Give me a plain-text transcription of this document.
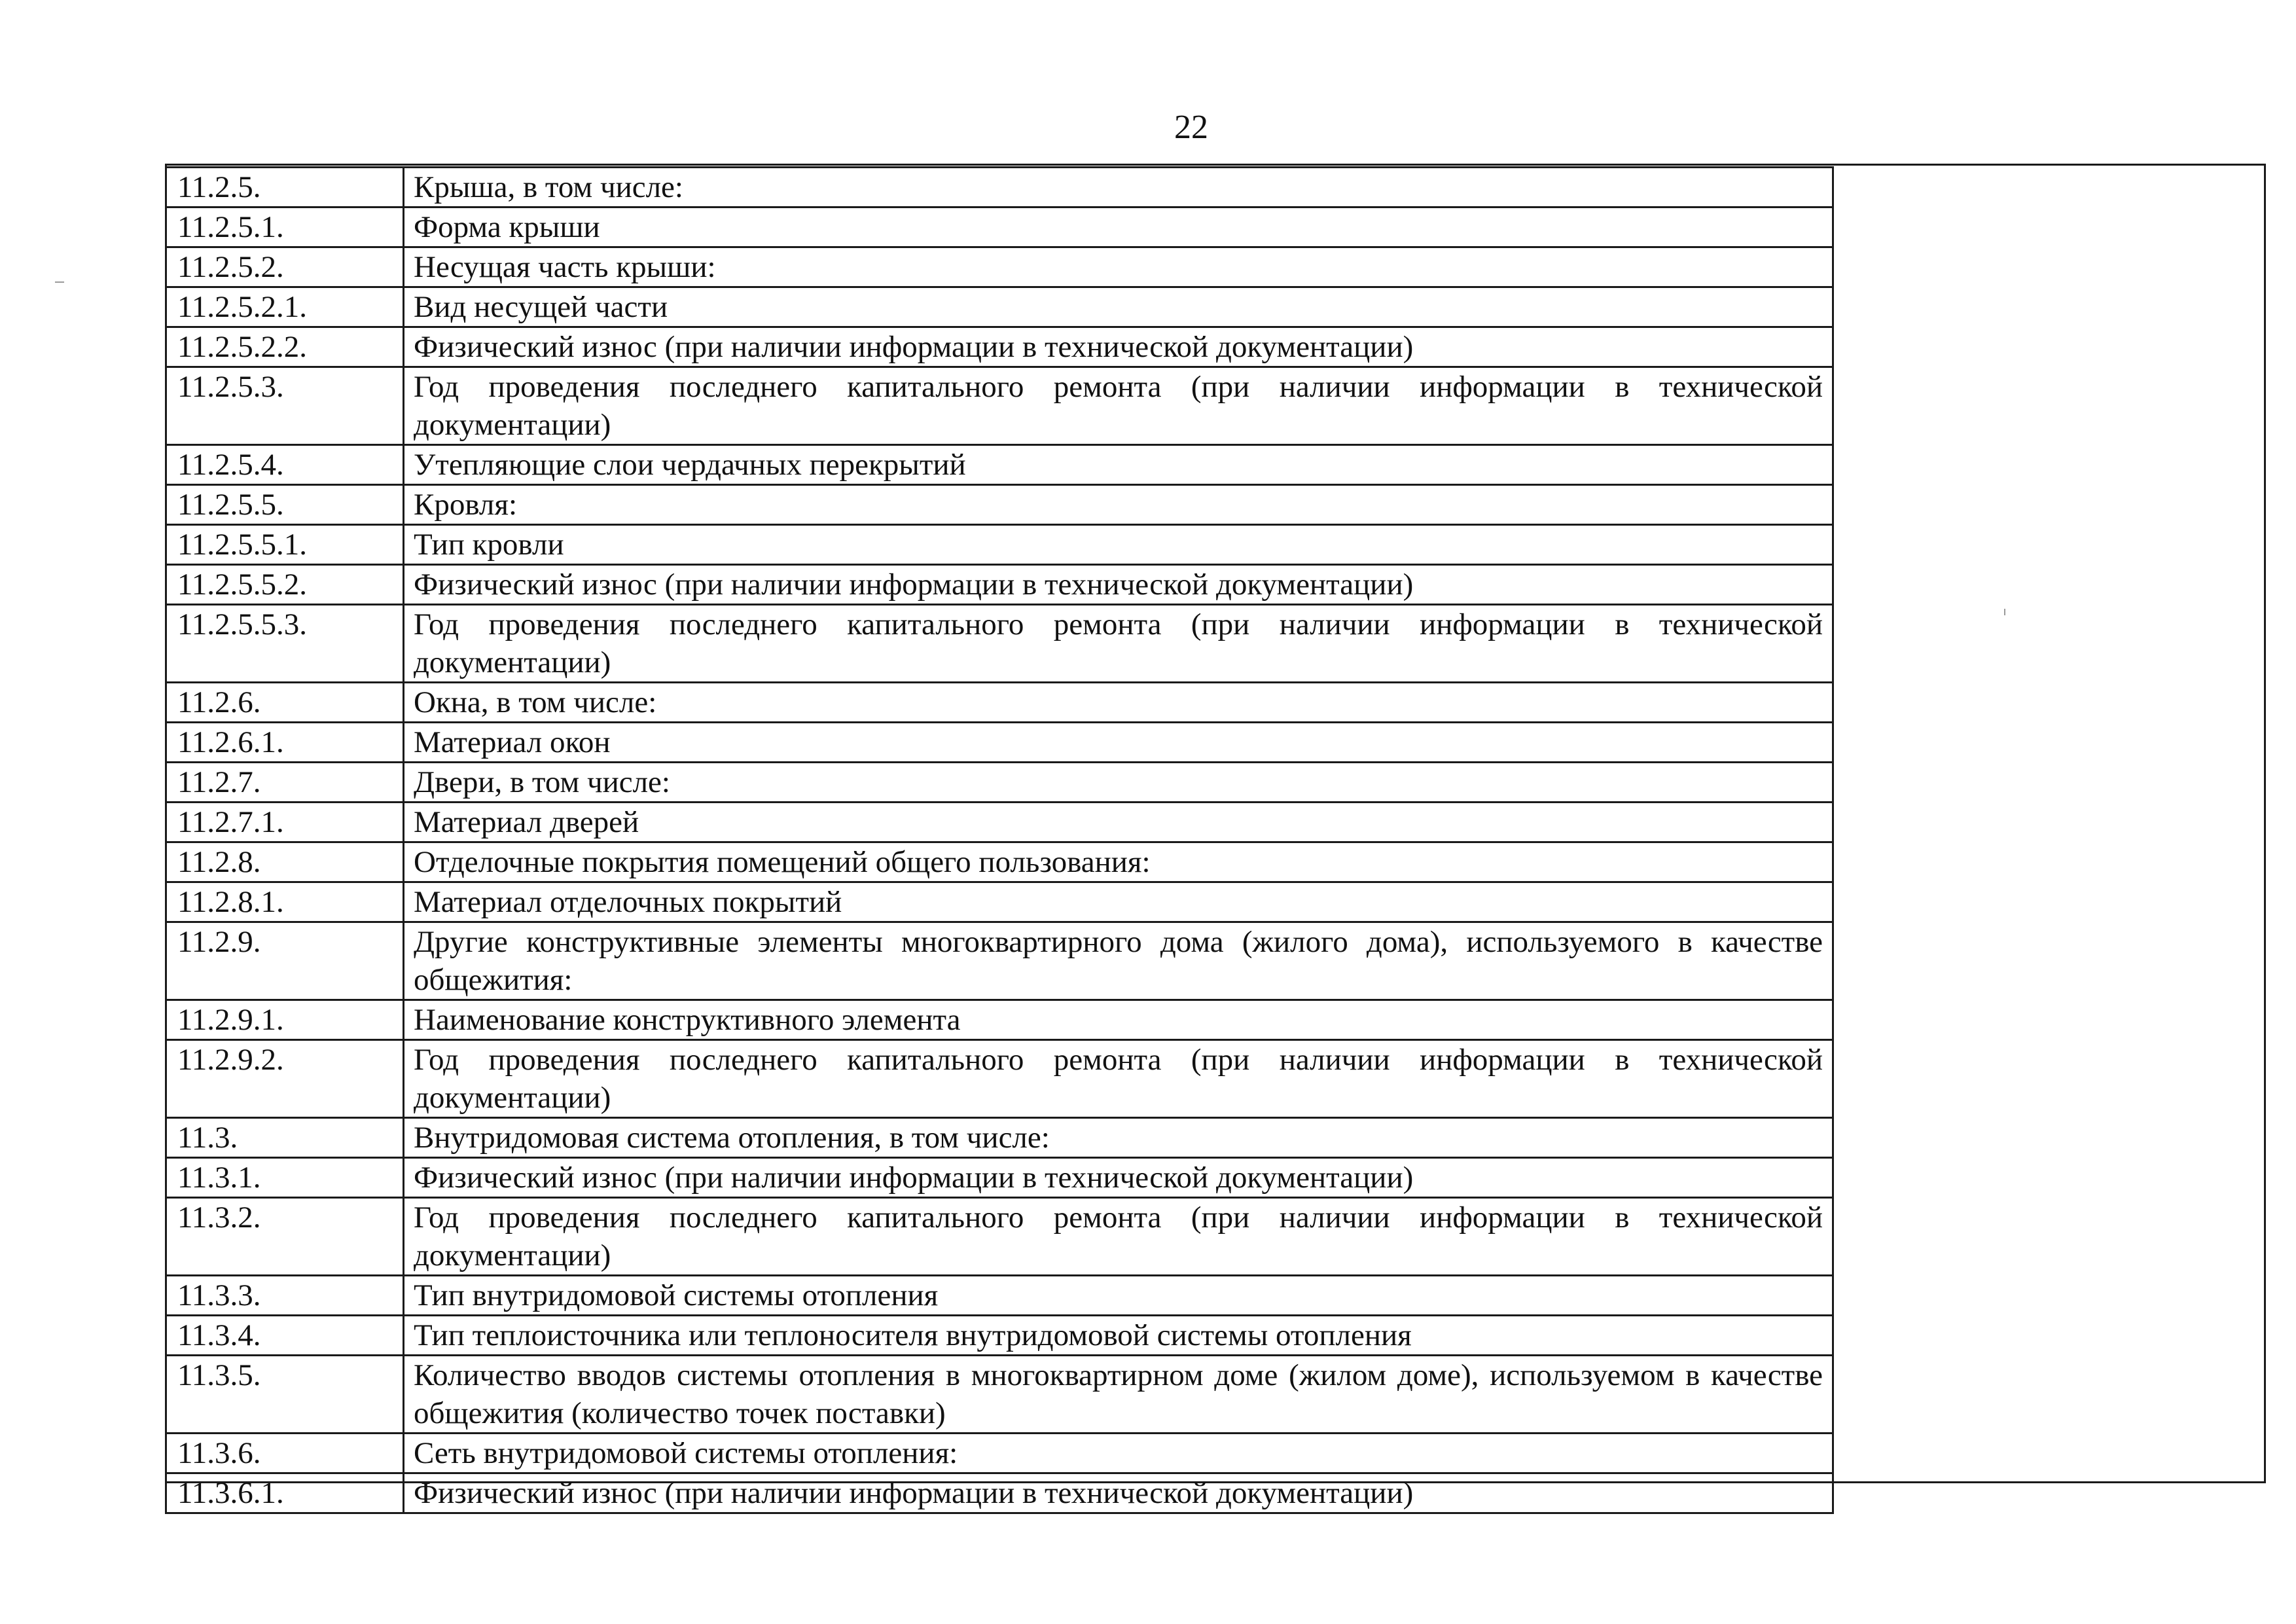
22
11.2.5.	Крыша, в том числе:
11.2.5.1.	Форма крыши
11.2.5.2.	Несущая часть крыши:
11.2.5.2.1.	Вид несущей части
11.2.5.2.2.	Физический износ (при наличии информации в технической документации)
11.2.5.3.	Год проведения последнего капитального ремонта (при наличии информации в технической документации)
11.2.5.4.	Утепляющие слои чердачных перекрытий
11.2.5.5.	Кровля:
11.2.5.5.1.	Тип кровли
11.2.5.5.2.	Физический износ (при наличии информации в технической документации)
11.2.5.5.3.	Год проведения последнего капитального ремонта (при наличии информации в технической документации)
11.2.6.	Окна, в том числе:
11.2.6.1.	Материал окон
11.2.7.	Двери, в том числе:
11.2.7.1.	Материал дверей
11.2.8.	Отделочные покрытия помещений общего пользования:
11.2.8.1.	Материал отделочных покрытий
11.2.9.	Другие конструктивные элементы многоквартирного дома (жилого дома), используемого в качестве общежития:
11.2.9.1.	Наименование конструктивного элемента
11.2.9.2.	Год проведения последнего капитального ремонта (при наличии информации в технической документации)
11.3.	Внутридомовая система отопления, в том числе:
11.3.1.	Физический износ (при наличии информации в технической документации)
11.3.2.	Год проведения последнего капитального ремонта (при наличии информации в технической документации)
11.3.3.	Тип внутридомовой системы отопления
11.3.4.	Тип теплоисточника или теплоносителя внутридомовой системы отопления
11.3.5.	Количество вводов системы отопления в многоквартирном доме (жилом доме), используемом в качестве общежития (количество точек поставки)
11.3.6.	Сеть внутридомовой системы отопления:
11.3.6.1.	Физический износ (при наличии информации в технической документации)
